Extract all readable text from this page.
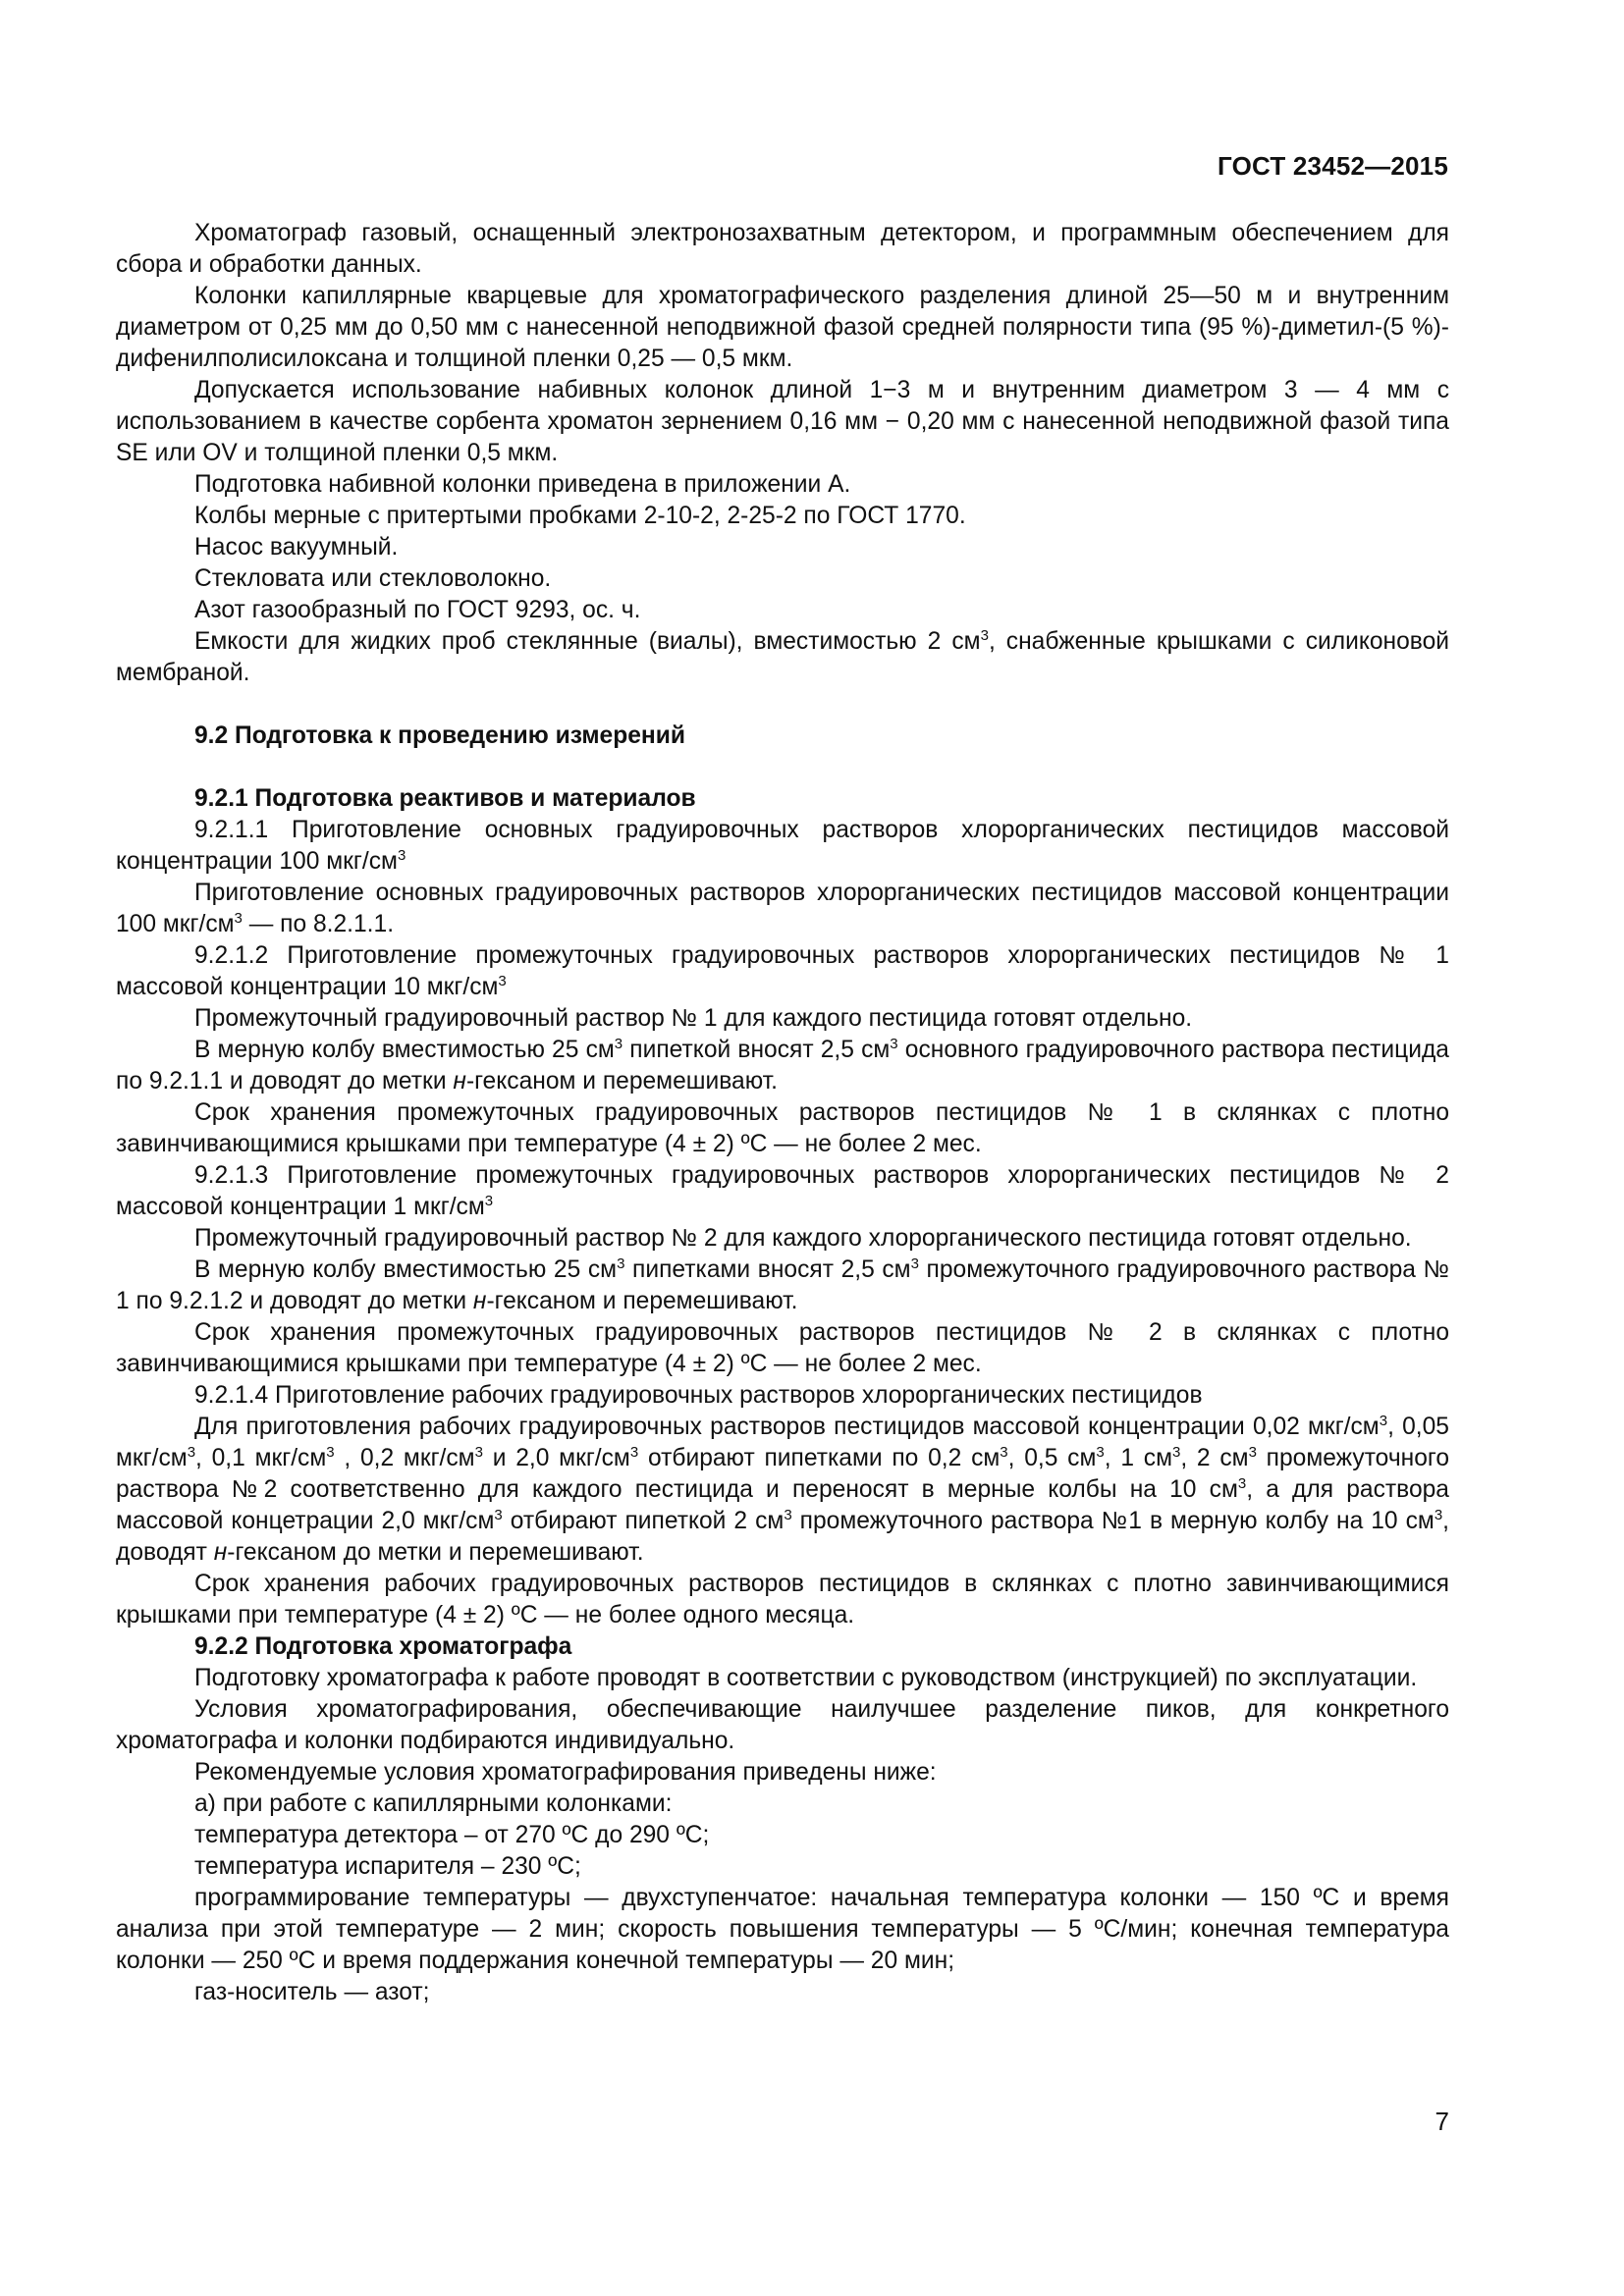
ГОСТ 23452—2015

Хроматограф газовый, оснащенный электронозахватным детектором, и программным обеспечением для сбора и обработки данных.

Колонки капиллярные кварцевые для хроматографического разделения длиной 25—50 м и внутренним диаметром от 0,25 мм до 0,50 мм с нанесенной неподвижной фазой средней полярности типа (95 %)-диметил-(5 %)-дифенилполисилоксана и толщиной пленки 0,25 — 0,5 мкм.

Допускается использование набивных колонок длиной 1−3 м и внутренним диаметром 3 — 4 мм с использованием в качестве сорбента хроматон зернением 0,16 мм − 0,20 мм с нанесенной неподвижной фазой типа SE или OV и толщиной пленки 0,5 мкм.

Подготовка набивной колонки приведена в приложении А.

Колбы мерные с притертыми пробками 2-10-2, 2-25-2 по ГОСТ 1770.

Насос вакуумный.

Стекловата или стекловолокно.

Азот газообразный по ГОСТ 9293, ос. ч.

Емкости для жидких проб стеклянные (виалы), вместимостью 2 $см^3$, снабженные крышками с силиконовой мембраной.

9.2 Подготовка к проведению измерений
9.2.1 Подготовка реактивов и материалов

9.2.1.1 Приготовление основных градуировочных растворов хлорорганических пестицидов массовой концентрации 100 мкг/$см^3$

Приготовление основных градуировочных растворов хлорорганических пестицидов массовой концентрации 100 мкг/$см^3$ — по 8.2.1.1.

9.2.1.2 Приготовление промежуточных градуировочных растворов хлорорганических пестицидов № 1 массовой концентрации 10 мкг/$см^3$

Промежуточный градуировочный раствор № 1 для каждого пестицида готовят отдельно.

В мерную колбу вместимостью 25 $см^3$ пипеткой вносят 2,5 $см^3$ основного градуировочного раствора пестицида по 9.2.1.1 и доводят до метки н-гексаном и перемешивают.

Срок хранения промежуточных градуировочных растворов пестицидов № 1 в склянках с плотно завинчивающимися крышками при температуре (4 ± 2) ºС — не более 2 мес.

9.2.1.3 Приготовление промежуточных градуировочных растворов хлорорганических пестицидов № 2 массовой концентрации 1 мкг/$см^3$

Промежуточный градуировочный раствор № 2 для каждого хлорорганического пестицида готовят отдельно.

В мерную колбу вместимостью 25 $см^3$ пипетками вносят 2,5 $см^3$ промежуточного градуировочного раствора № 1 по 9.2.1.2 и доводят до метки н-гексаном и перемешивают.

Срок хранения промежуточных градуировочных растворов пестицидов № 2 в склянках с плотно завинчивающимися крышками при температуре (4 ± 2) ºС — не более 2 мес.

9.2.1.4 Приготовление рабочих градуировочных растворов хлорорганических пестицидов

Для приготовления рабочих градуировочных растворов пестицидов массовой концентрации 0,02 мкг/$см^3$, 0,05 мкг/$см^3$, 0,1 мкг/$см^3$ , 0,2 мкг/$см^3$ и 2,0 мкг/$см^3$ отбирают пипетками по 0,2 $см^3$, 0,5 $см^3$, 1 $см^3$, 2 $см^3$ промежуточного раствора №2 соответственно для каждого пестицида и переносят в мерные колбы на 10 $см^3$, а для раствора массовой концетрации 2,0 мкг/$см^3$ отбирают пипеткой 2 $см^3$ промежуточного раствора №1 в мерную колбу на 10 $см^3$, доводят н-гексаном до метки и перемешивают.

Срок хранения рабочих градуировочных растворов пестицидов в склянках с плотно завинчивающимися крышками при температуре (4 ± 2) ºС — не более одного месяца.

9.2.2 Подготовка хроматографа

Подготовку хроматографа к работе проводят в соответствии с руководством (инструкцией) по эксплуатации.

Условия хроматографирования, обеспечивающие наилучшее разделение пиков, для конкретного хроматографа и колонки подбираются индивидуально.

Рекомендуемые условия хроматографирования приведены ниже:

а) при работе с капиллярными колонками:

температура детектора – от 270 ºС до 290 ºС;

температура испарителя – 230 ºС;

программирование температуры — двухступенчатое: начальная температура колонки — 150 ºС и время анализа при этой температуре — 2 мин; скорость повышения температуры — 5 ºС/мин; конечная температура колонки — 250 ºС и время поддержания конечной температуры — 20 мин;

газ-носитель — азот;

7
